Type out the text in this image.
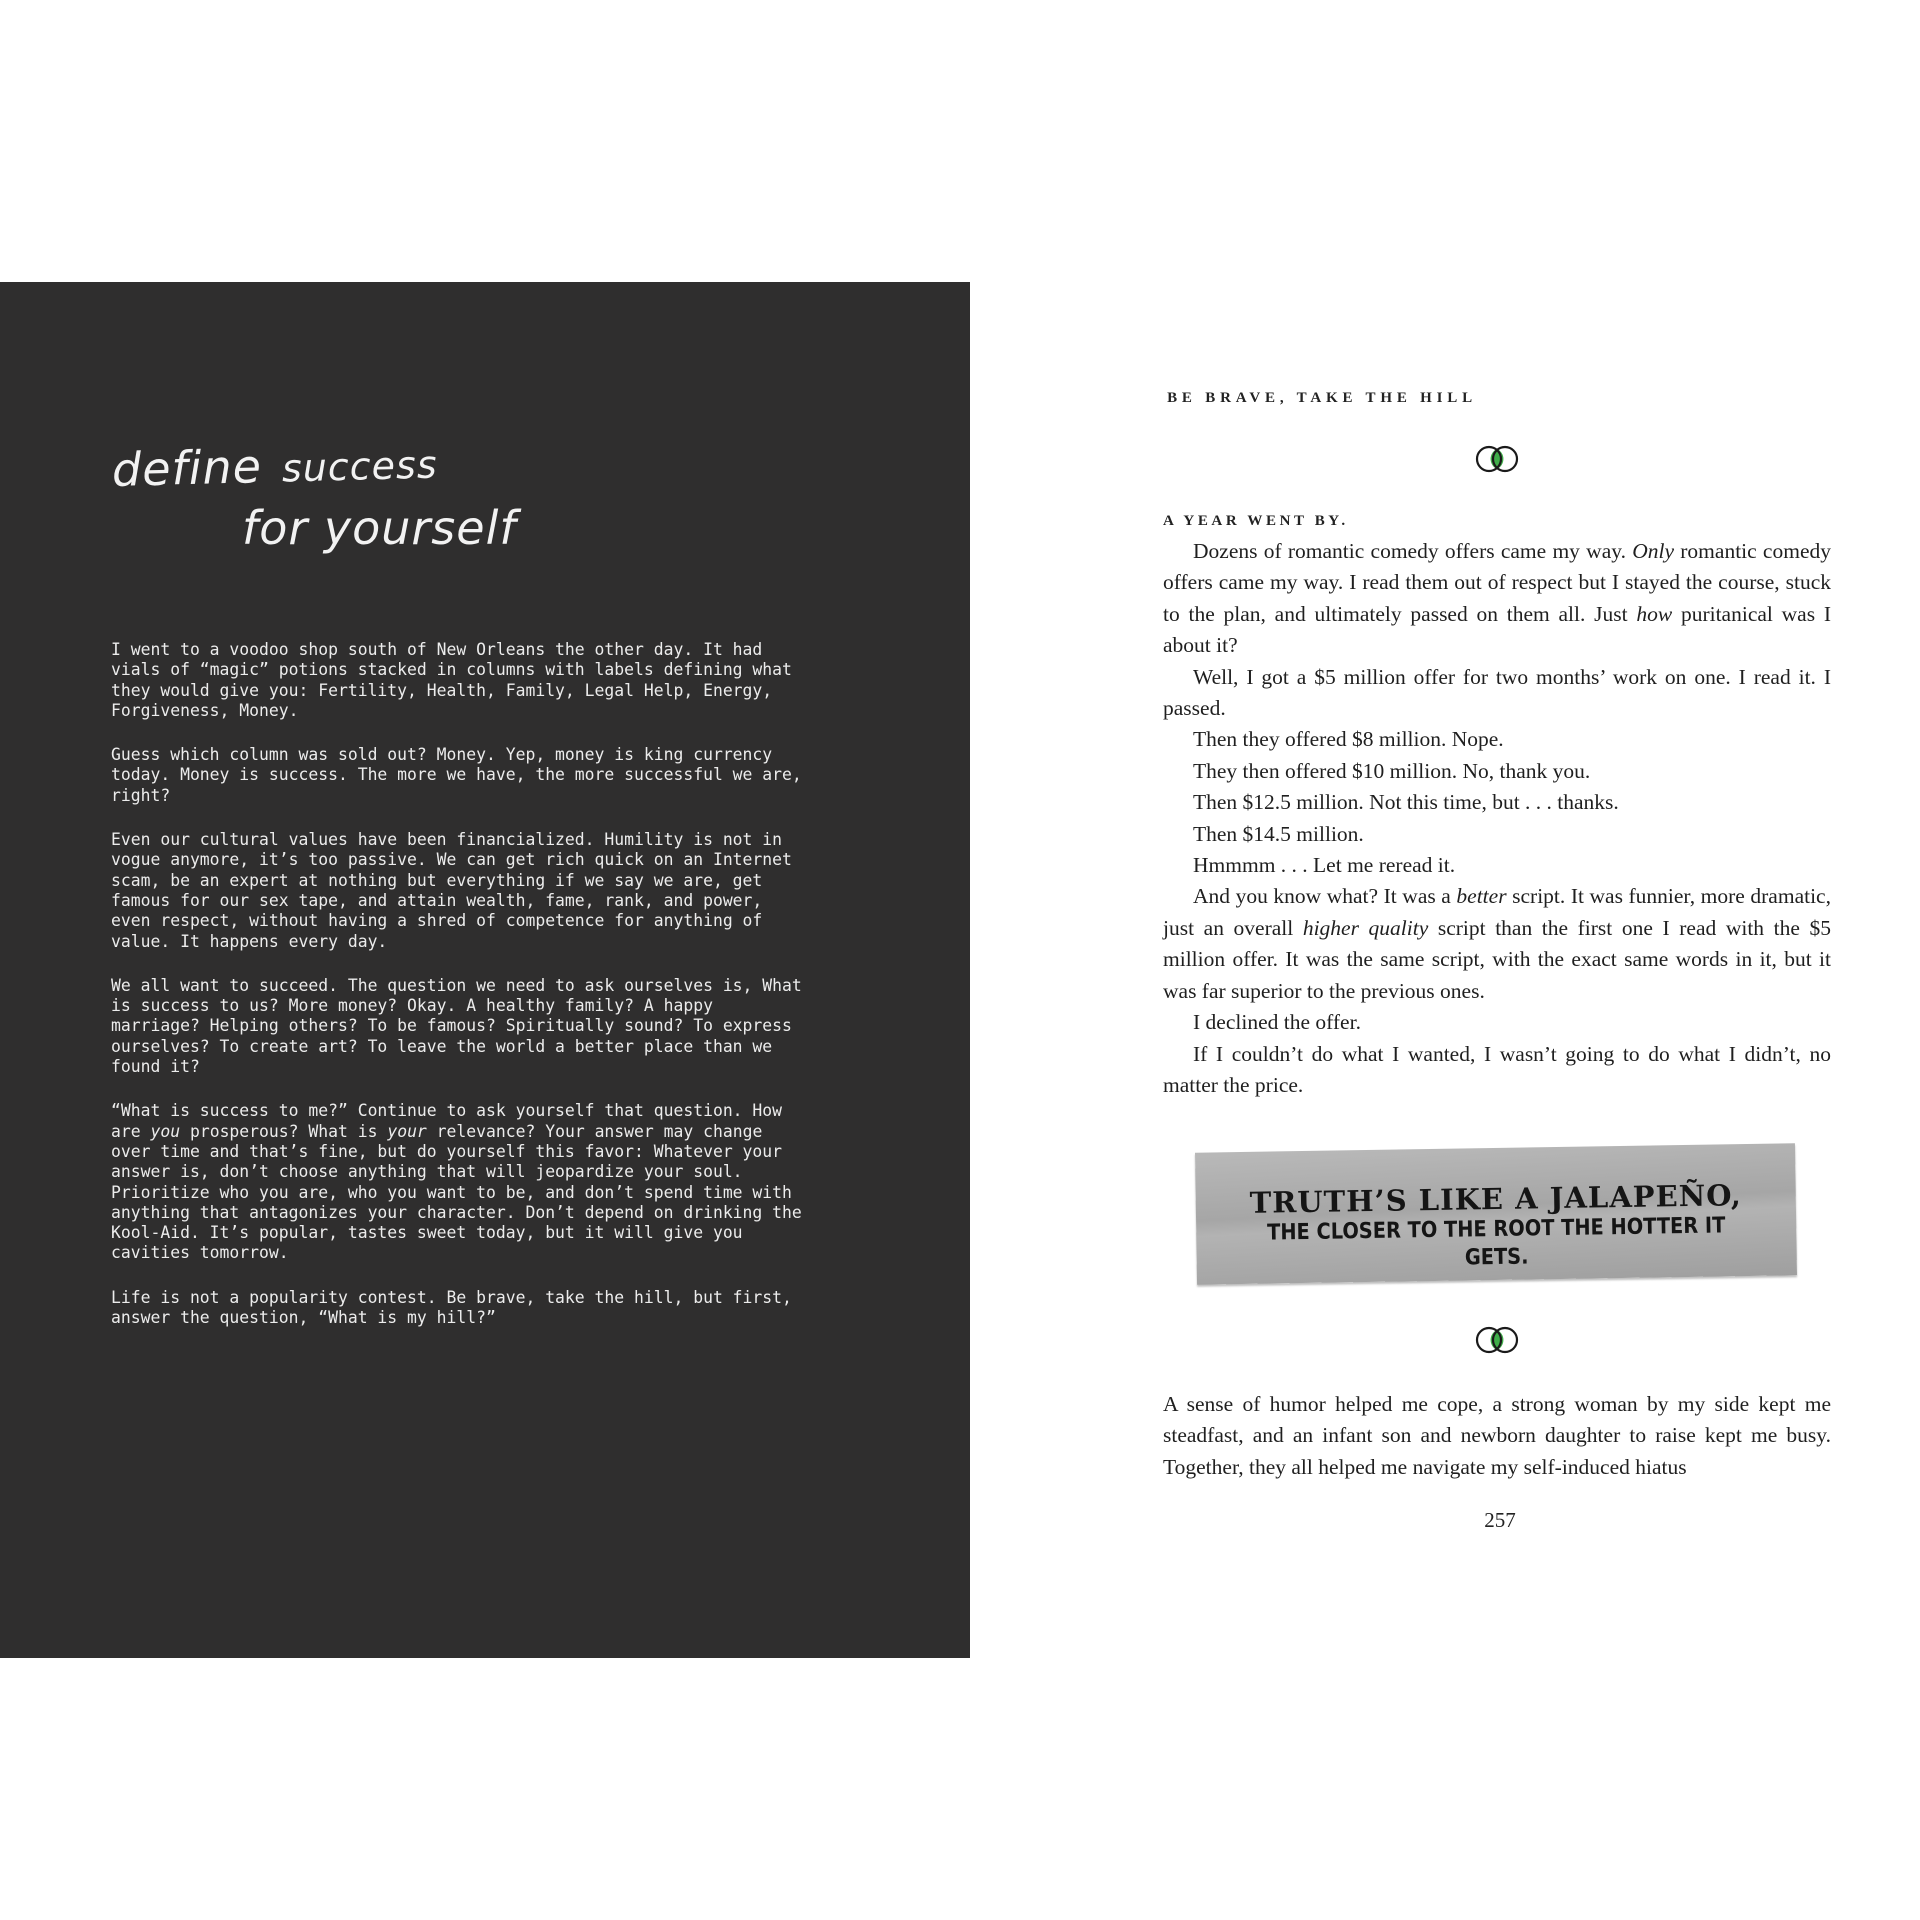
define success
for yourself

I went to a voodoo shop south of New Orleans the other day. It had vials of “magic” potions stacked in columns with labels defining what they would give you: Fertility, Health, Family, Legal Help, Energy, Forgiveness, Money.

Guess which column was sold out? Money. Yep, money is king currency today. Money is success. The more we have, the more successful we are, right?

Even our cultural values have been financialized. Humility is not in vogue anymore, it’s too passive. We can get rich quick on an Internet scam, be an expert at nothing but everything if we say we are, get famous for our sex tape, and attain wealth, fame, rank, and power, even respect, without having a shred of competence for anything of value. It happens every day.

We all want to succeed. The question we need to ask ourselves is, What is success to us? More money? Okay. A healthy family? A happy marriage? Helping others? To be famous? Spiritually sound? To express ourselves? To create art? To leave the world a better place than we found it?

“What is success to me?” Continue to ask yourself that question. How are you prosperous? What is your relevance? Your answer may change over time and that’s fine, but do yourself this favor: Whatever your answer is, don’t choose anything that will jeopardize your soul. Prioritize who you are, who you want to be, and don’t spend time with anything that antagonizes your character. Don’t depend on drinking the Kool-Aid. It’s popular, tastes sweet today, but it will give you cavities tomorrow.

Life is not a popularity contest. Be brave, take the hill, but first, answer the question, “What is my hill?”

BE BRAVE, TAKE THE HILL
A YEAR WENT BY.

Dozens of romantic comedy offers came my way. Only romantic comedy offers came my way. I read them out of respect but I stayed the course, stuck to the plan, and ultimately passed on them all. Just how puritanical was I about it?

Well, I got a $5 million offer for two months’ work on one. I read it. I passed.

Then they offered $8 million. Nope.

They then offered $10 million. No, thank you.

Then $12.5 million. Not this time, but . . . thanks.

Then $14.5 million.

Hmmmm . . . Let me reread it.

And you know what? It was a better script. It was funnier, more dramatic, just an overall higher quality script than the first one I read with the $5 million offer. It was the same script, with the exact same words in it, but it was far superior to the previous ones.

I declined the offer.

If I couldn’t do what I wanted, I wasn’t going to do what I didn’t, no matter the price.

TRUTH’S LIKE A JALAPEÑO,
THE CLOSER TO THE ROOT THE HOTTER IT GETS.

A sense of humor helped me cope, a strong woman by my side kept me steadfast, and an infant son and newborn daughter to raise kept me busy. Together, they all helped me navigate my self-induced hiatus

257
